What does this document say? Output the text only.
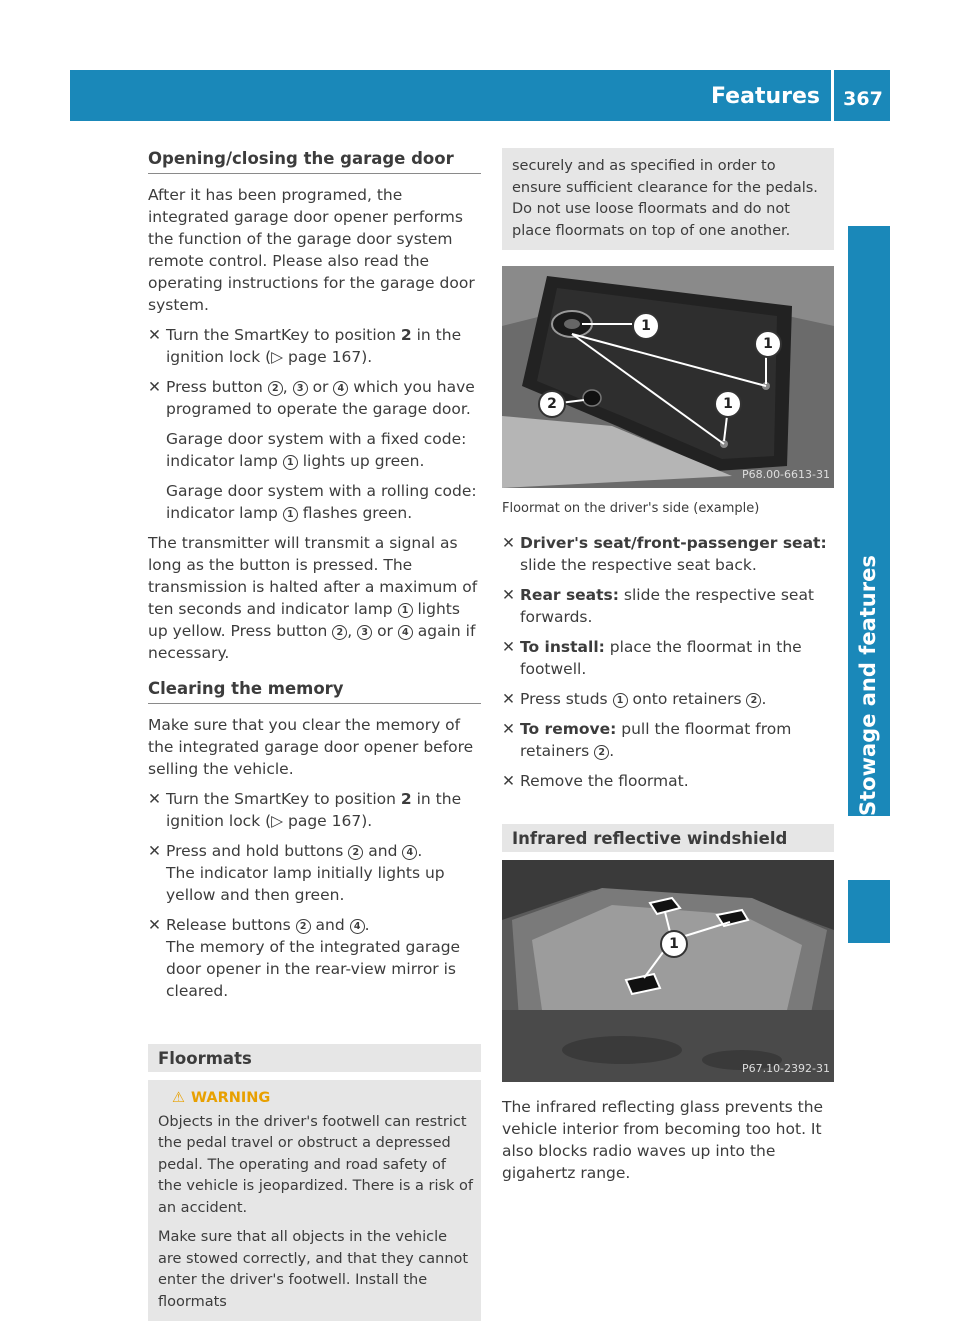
Features 367
Stowage and features
Opening/closing the garage door

After it has been programed, the integrated garage door opener performs the function of the garage door system remote control. Please also read the operating instructions for the garage door system.

✕ Turn the SmartKey to position 2 in the ignition lock (▷ page 167).
✕ Press button 2 , 3 or 4 which you have programed to operate the garage door.

Garage door system with a fixed code: indicator lamp 1 lights up green.

Garage door system with a rolling code: indicator lamp 1 flashes green.

The transmitter will transmit a signal as long as the button is pressed. The transmission is halted after a maximum of ten seconds and indicator lamp 1 lights up yellow. Press button 2 , 3 or 4 again if necessary.

Clearing the memory

Make sure that you clear the memory of the integrated garage door opener before selling the vehicle.

✕ Turn the SmartKey to position 2 in the ignition lock (▷ page 167).
✕ Press and hold buttons 2 and 4 .
The indicator lamp initially lights up yellow and then green.
✕ Release buttons 2 and 4 .
The memory of the integrated garage door opener in the rear-view mirror is cleared.
Floormats
⚠ WARNING

Objects in the driver's footwell can restrict the pedal travel or obstruct a depressed pedal. The operating and road safety of the vehicle is jeopardized. There is a risk of an accident.

Make sure that all objects in the vehicle are stowed correctly, and that they cannot enter the driver's footwell. Install the floormats

securely and as specified in order to ensure sufficient clearance for the pedals. Do not use loose floormats and do not place floormats on top of one another.
1
1
1
2
P68.00-6613-31
Floormat on the driver's side (example)
✕ Driver's seat/front-passenger seat: slide the respective seat back.
✕ Rear seats: slide the respective seat forwards.
✕ To install: place the floormat in the footwell.
✕ Press studs 1 onto retainers 2 .
✕ To remove: pull the floormat from retainers 2 .
✕ Remove the floormat.
Infrared reflective windshield
1
P67.10-2392-31

The infrared reflecting glass prevents the vehicle interior from becoming too hot. It also blocks radio waves up into the gigahertz range.
